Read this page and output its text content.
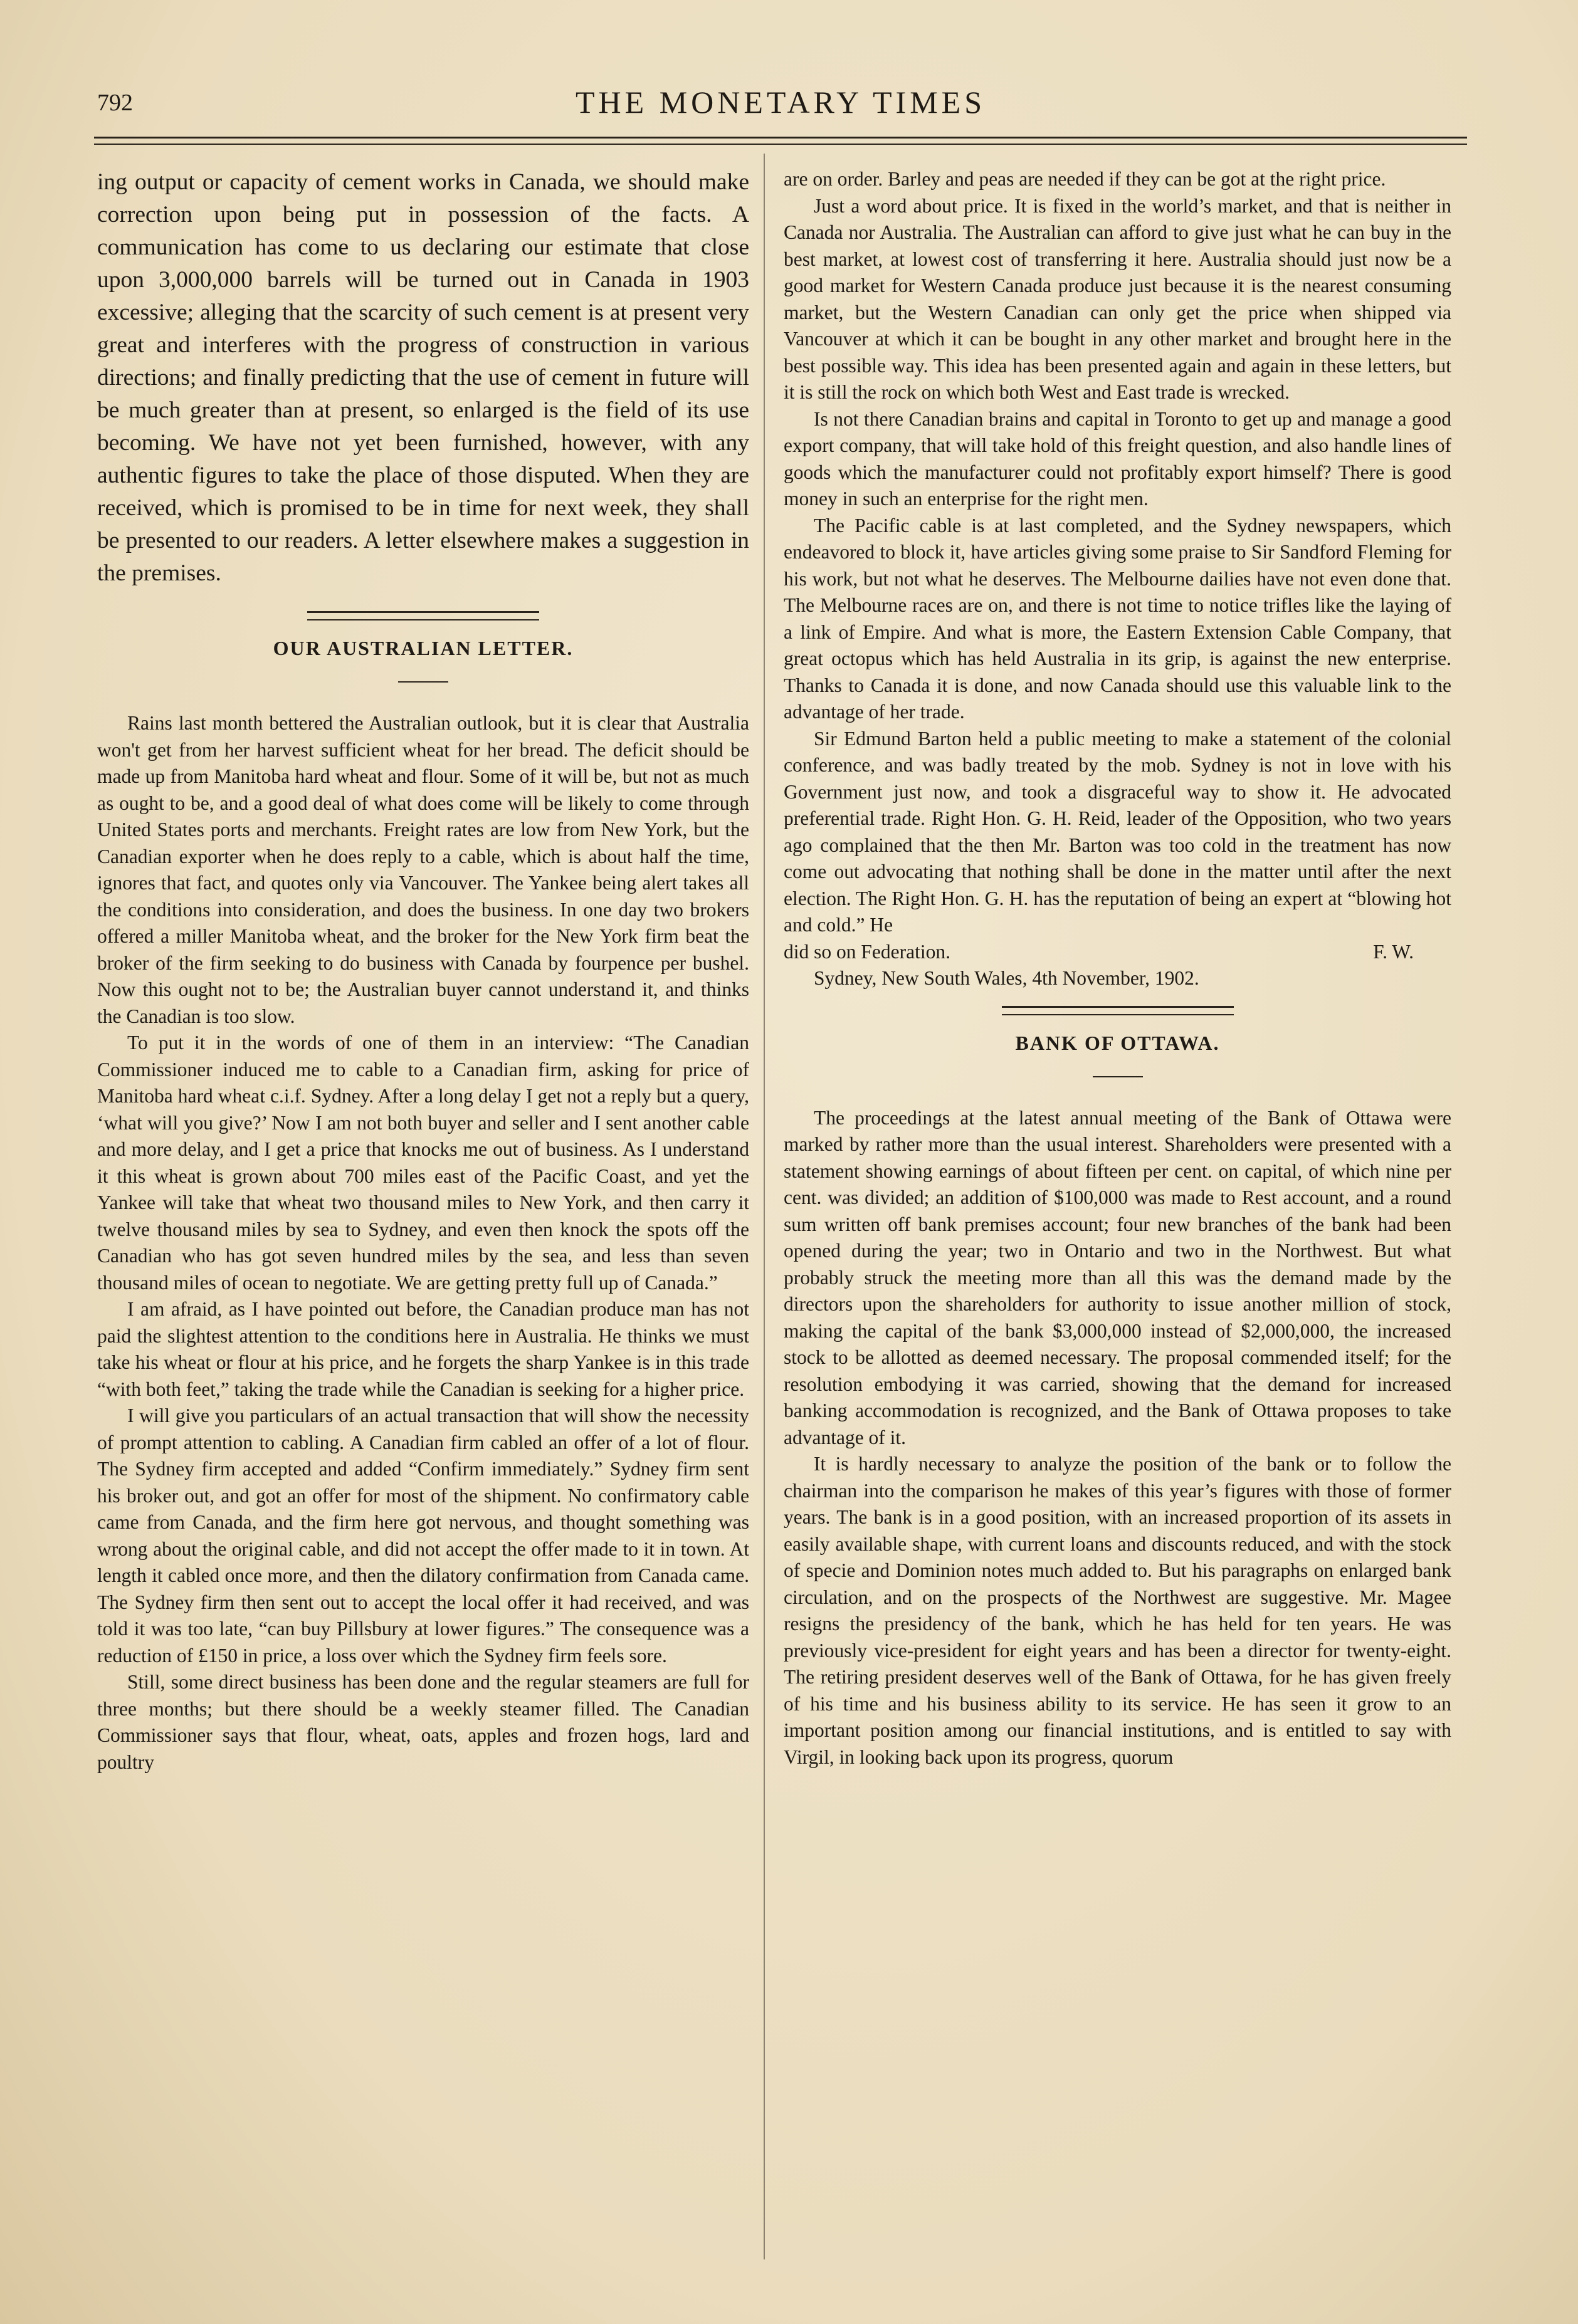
792	THE MONETARY TIMES

ing output or capacity of cement works in Canada, we should make correction upon being put in possession of the facts. A communication has come to us declaring our estimate that close upon 3,000,000 barrels will be turned out in Canada in 1903 excessive; alleging that the scarcity of such cement is at present very great and interferes with the progress of construction in various directions; and finally predicting that the use of cement in future will be much greater than at present, so enlarged is the field of its use becoming. We have not yet been furnished, however, with any authentic figures to take the place of those disputed. When they are received, which is promised to be in time for next week, they shall be presented to our readers. A letter elsewhere makes a suggestion in the premises.

OUR AUSTRALIAN LETTER.

Rains last month bettered the Australian outlook, but it is clear that Australia won't get from her harvest sufficient wheat for her bread. The deficit should be made up from Manitoba hard wheat and flour. Some of it will be, but not as much as ought to be, and a good deal of what does come will be likely to come through United States ports and merchants. Freight rates are low from New York, but the Canadian exporter when he does reply to a cable, which is about half the time, ignores that fact, and quotes only via Vancouver. The Yankee being alert takes all the conditions into consideration, and does the business. In one day two brokers offered a miller Manitoba wheat, and the broker for the New York firm beat the broker of the firm seeking to do business with Canada by fourpence per bushel. Now this ought not to be; the Australian buyer cannot understand it, and thinks the Canadian is too slow.

To put it in the words of one of them in an interview: “The Canadian Commissioner induced me to cable to a Canadian firm, asking for price of Manitoba hard wheat c.i.f. Sydney. After a long delay I get not a reply but a query, ‘what will you give?’ Now I am not both buyer and seller and I sent another cable and more delay, and I get a price that knocks me out of business. As I understand it this wheat is grown about 700 miles east of the Pacific Coast, and yet the Yankee will take that wheat two thousand miles to New York, and then carry it twelve thousand miles by sea to Sydney, and even then knock the spots off the Canadian who has got seven hundred miles by the sea, and less than seven thousand miles of ocean to negotiate. We are getting pretty full up of Canada.”

I am afraid, as I have pointed out before, the Canadian produce man has not paid the slightest attention to the conditions here in Australia. He thinks we must take his wheat or flour at his price, and he forgets the sharp Yankee is in this trade “with both feet,” taking the trade while the Canadian is seeking for a higher price.

I will give you particulars of an actual transaction that will show the necessity of prompt attention to cabling. A Canadian firm cabled an offer of a lot of flour. The Sydney firm accepted and added “Confirm immediately.” Sydney firm sent his broker out, and got an offer for most of the shipment. No confirmatory cable came from Canada, and the firm here got nervous, and thought something was wrong about the original cable, and did not accept the offer made to it in town. At length it cabled once more, and then the dilatory confirmation from Canada came. The Sydney firm then sent out to accept the local offer it had received, and was told it was too late, “can buy Pillsbury at lower figures.” The consequence was a reduction of £150 in price, a loss over which the Sydney firm feels sore.

Still, some direct business has been done and the regular steamers are full for three months; but there should be a weekly steamer filled. The Canadian Commissioner says that flour, wheat, oats, apples and frozen hogs, lard and poultry

are on order. Barley and peas are needed if they can be got at the right price.

Just a word about price. It is fixed in the world’s market, and that is neither in Canada nor Australia. The Australian can afford to give just what he can buy in the best market, at lowest cost of transferring it here. Australia should just now be a good market for Western Canada produce just because it is the nearest consuming market, but the Western Canadian can only get the price when shipped via Vancouver at which it can be bought in any other market and brought here in the best possible way. This idea has been presented again and again in these letters, but it is still the rock on which both West and East trade is wrecked.

Is not there Canadian brains and capital in Toronto to get up and manage a good export company, that will take hold of this freight question, and also handle lines of goods which the manufacturer could not profitably export himself? There is good money in such an enterprise for the right men.

The Pacific cable is at last completed, and the Sydney newspapers, which endeavored to block it, have articles giving some praise to Sir Sandford Fleming for his work, but not what he deserves. The Melbourne dailies have not even done that. The Melbourne races are on, and there is not time to notice trifles like the laying of a link of Empire. And what is more, the Eastern Extension Cable Company, that great octopus which has held Australia in its grip, is against the new enterprise. Thanks to Canada it is done, and now Canada should use this valuable link to the advantage of her trade.

Sir Edmund Barton held a public meeting to make a statement of the colonial conference, and was badly treated by the mob. Sydney is not in love with his Government just now, and took a disgraceful way to show it. He advocated preferential trade. Right Hon. G. H. Reid, leader of the Opposition, who two years ago complained that the then Mr. Barton was too cold in the treatment has now come out advocating that nothing shall be done in the matter until after the next election. The Right Hon. G. H. has the reputation of being an expert at “blowing hot and cold.” He

did so on Federation.	F. W.

Sydney, New South Wales, 4th November, 1902.

BANK OF OTTAWA.

The proceedings at the latest annual meeting of the Bank of Ottawa were marked by rather more than the usual interest. Shareholders were presented with a statement showing earnings of about fifteen per cent. on capital, of which nine per cent. was divided; an addition of $100,000 was made to Rest account, and a round sum written off bank premises account; four new branches of the bank had been opened during the year; two in Ontario and two in the Northwest. But what probably struck the meeting more than all this was the demand made by the directors upon the shareholders for authority to issue another million of stock, making the capital of the bank $3,000,000 instead of $2,000,000, the increased stock to be allotted as deemed necessary. The proposal commended itself; for the resolution embodying it was carried, showing that the demand for increased banking accommodation is recognized, and the Bank of Ottawa proposes to take advantage of it.

It is hardly necessary to analyze the position of the bank or to follow the chairman into the comparison he makes of this year’s figures with those of former years. The bank is in a good position, with an increased proportion of its assets in easily available shape, with current loans and discounts reduced, and with the stock of specie and Dominion notes much added to. But his paragraphs on enlarged bank circulation, and on the prospects of the Northwest are suggestive. Mr. Magee resigns the presidency of the bank, which he has held for ten years. He was previously vice-president for eight years and has been a director for twenty-eight. The retiring president deserves well of the Bank of Ottawa, for he has given freely of his time and his business ability to its service. He has seen it grow to an important position among our financial institutions, and is entitled to say with Virgil, in looking back upon its progress, quorum
